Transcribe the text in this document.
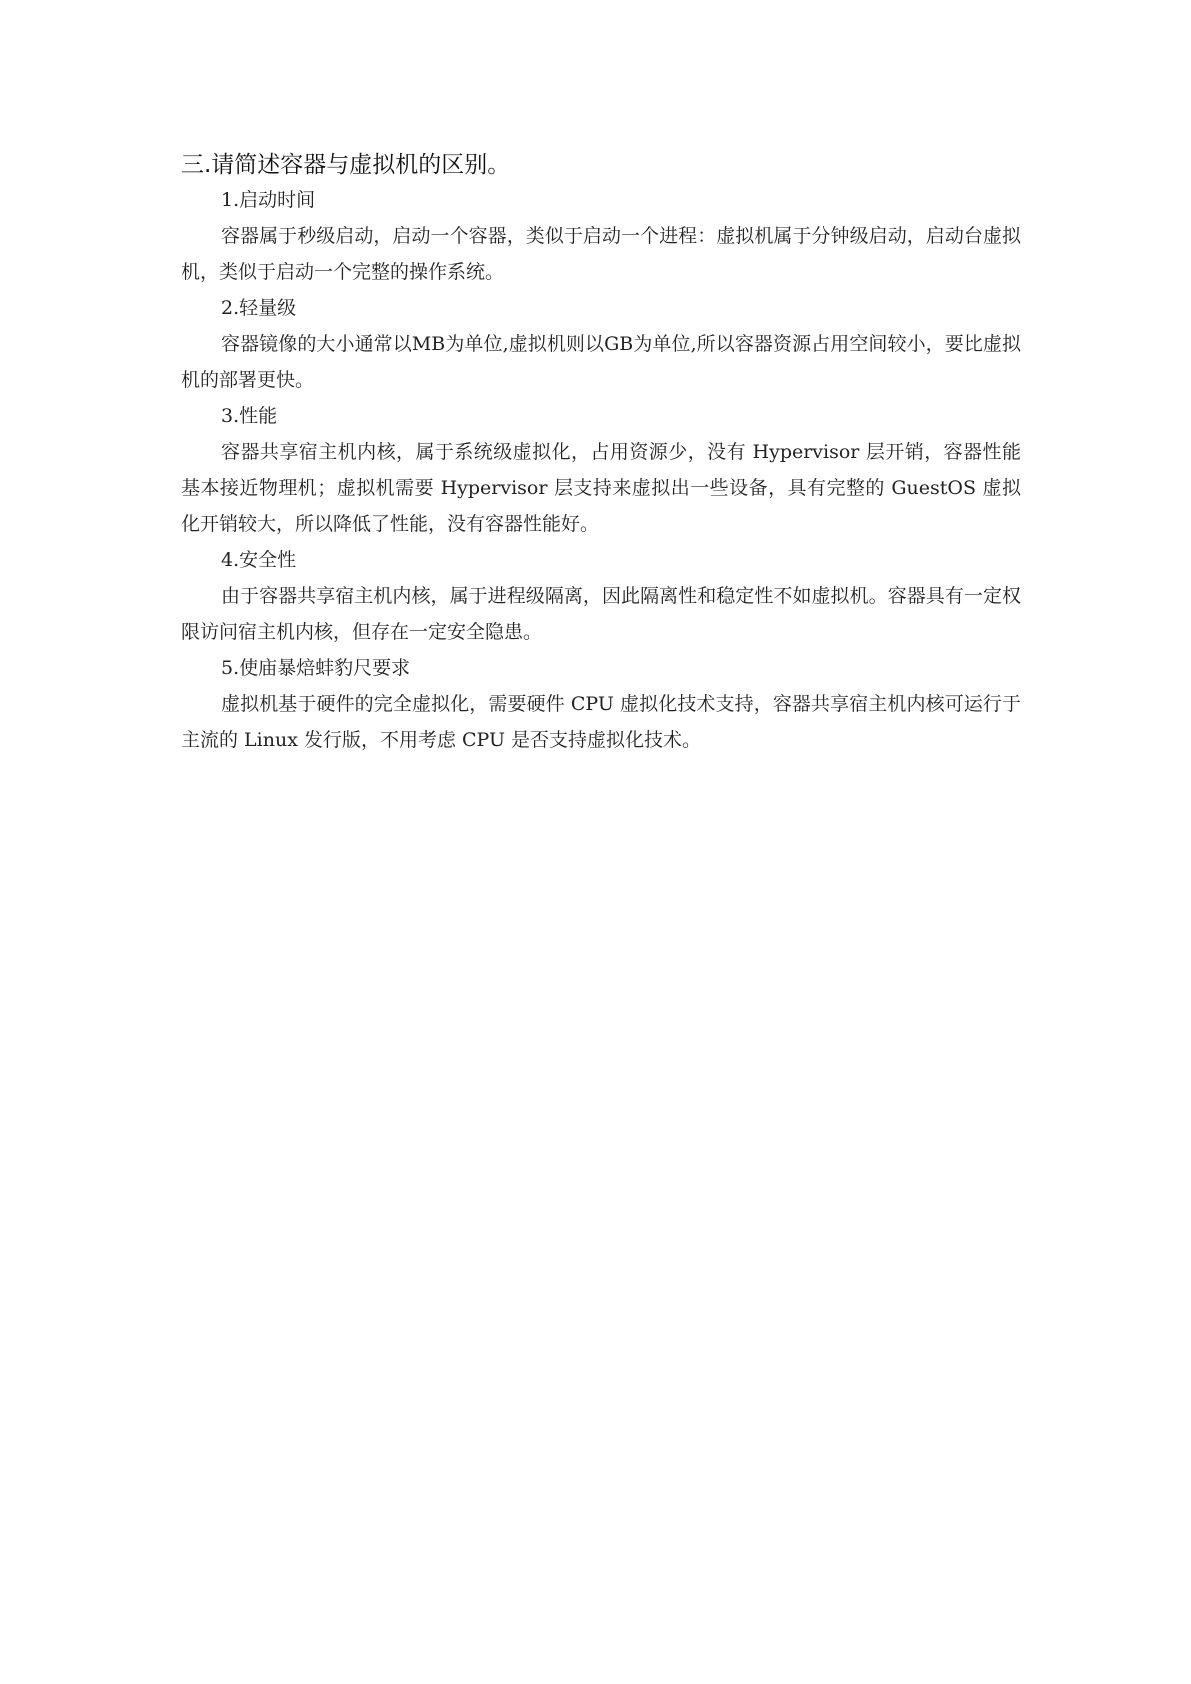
三.请简述容器与虚拟机的区别。

1.启动时间

容器属于秒级启动，启动一个容器，类似于启动一个进程：虚拟机属于分钟级启动，启动台虚拟机，类似于启动一个完整的操作系统。

2.轻量级

容器镜像的大小通常以MB为单位,虚拟机则以GB为单位,所以容器资源占用空间较小，要比虚拟机的部署更快。

3.性能

容器共享宿主机内核，属于系统级虚拟化，占用资源少，没有 Hypervisor 层开销，容器性能基本接近物理机；虚拟机需要 Hypervisor 层支持来虚拟出一些设备，具有完整的 GuestOS 虚拟化开销较大，所以降低了性能，没有容器性能好。

4.安全性

由于容器共享宿主机内核，属于进程级隔离，因此隔离性和稳定性不如虚拟机。容器具有一定权限访问宿主机内核，但存在一定安全隐患。

5.使庙暴焙蚌豹尺要求

虚拟机基于硬件的完全虚拟化，需要硬件 CPU 虚拟化技术支持，容器共享宿主机内核可运行于主流的 Linux 发行版，不用考虑 CPU 是否支持虚拟化技术。
